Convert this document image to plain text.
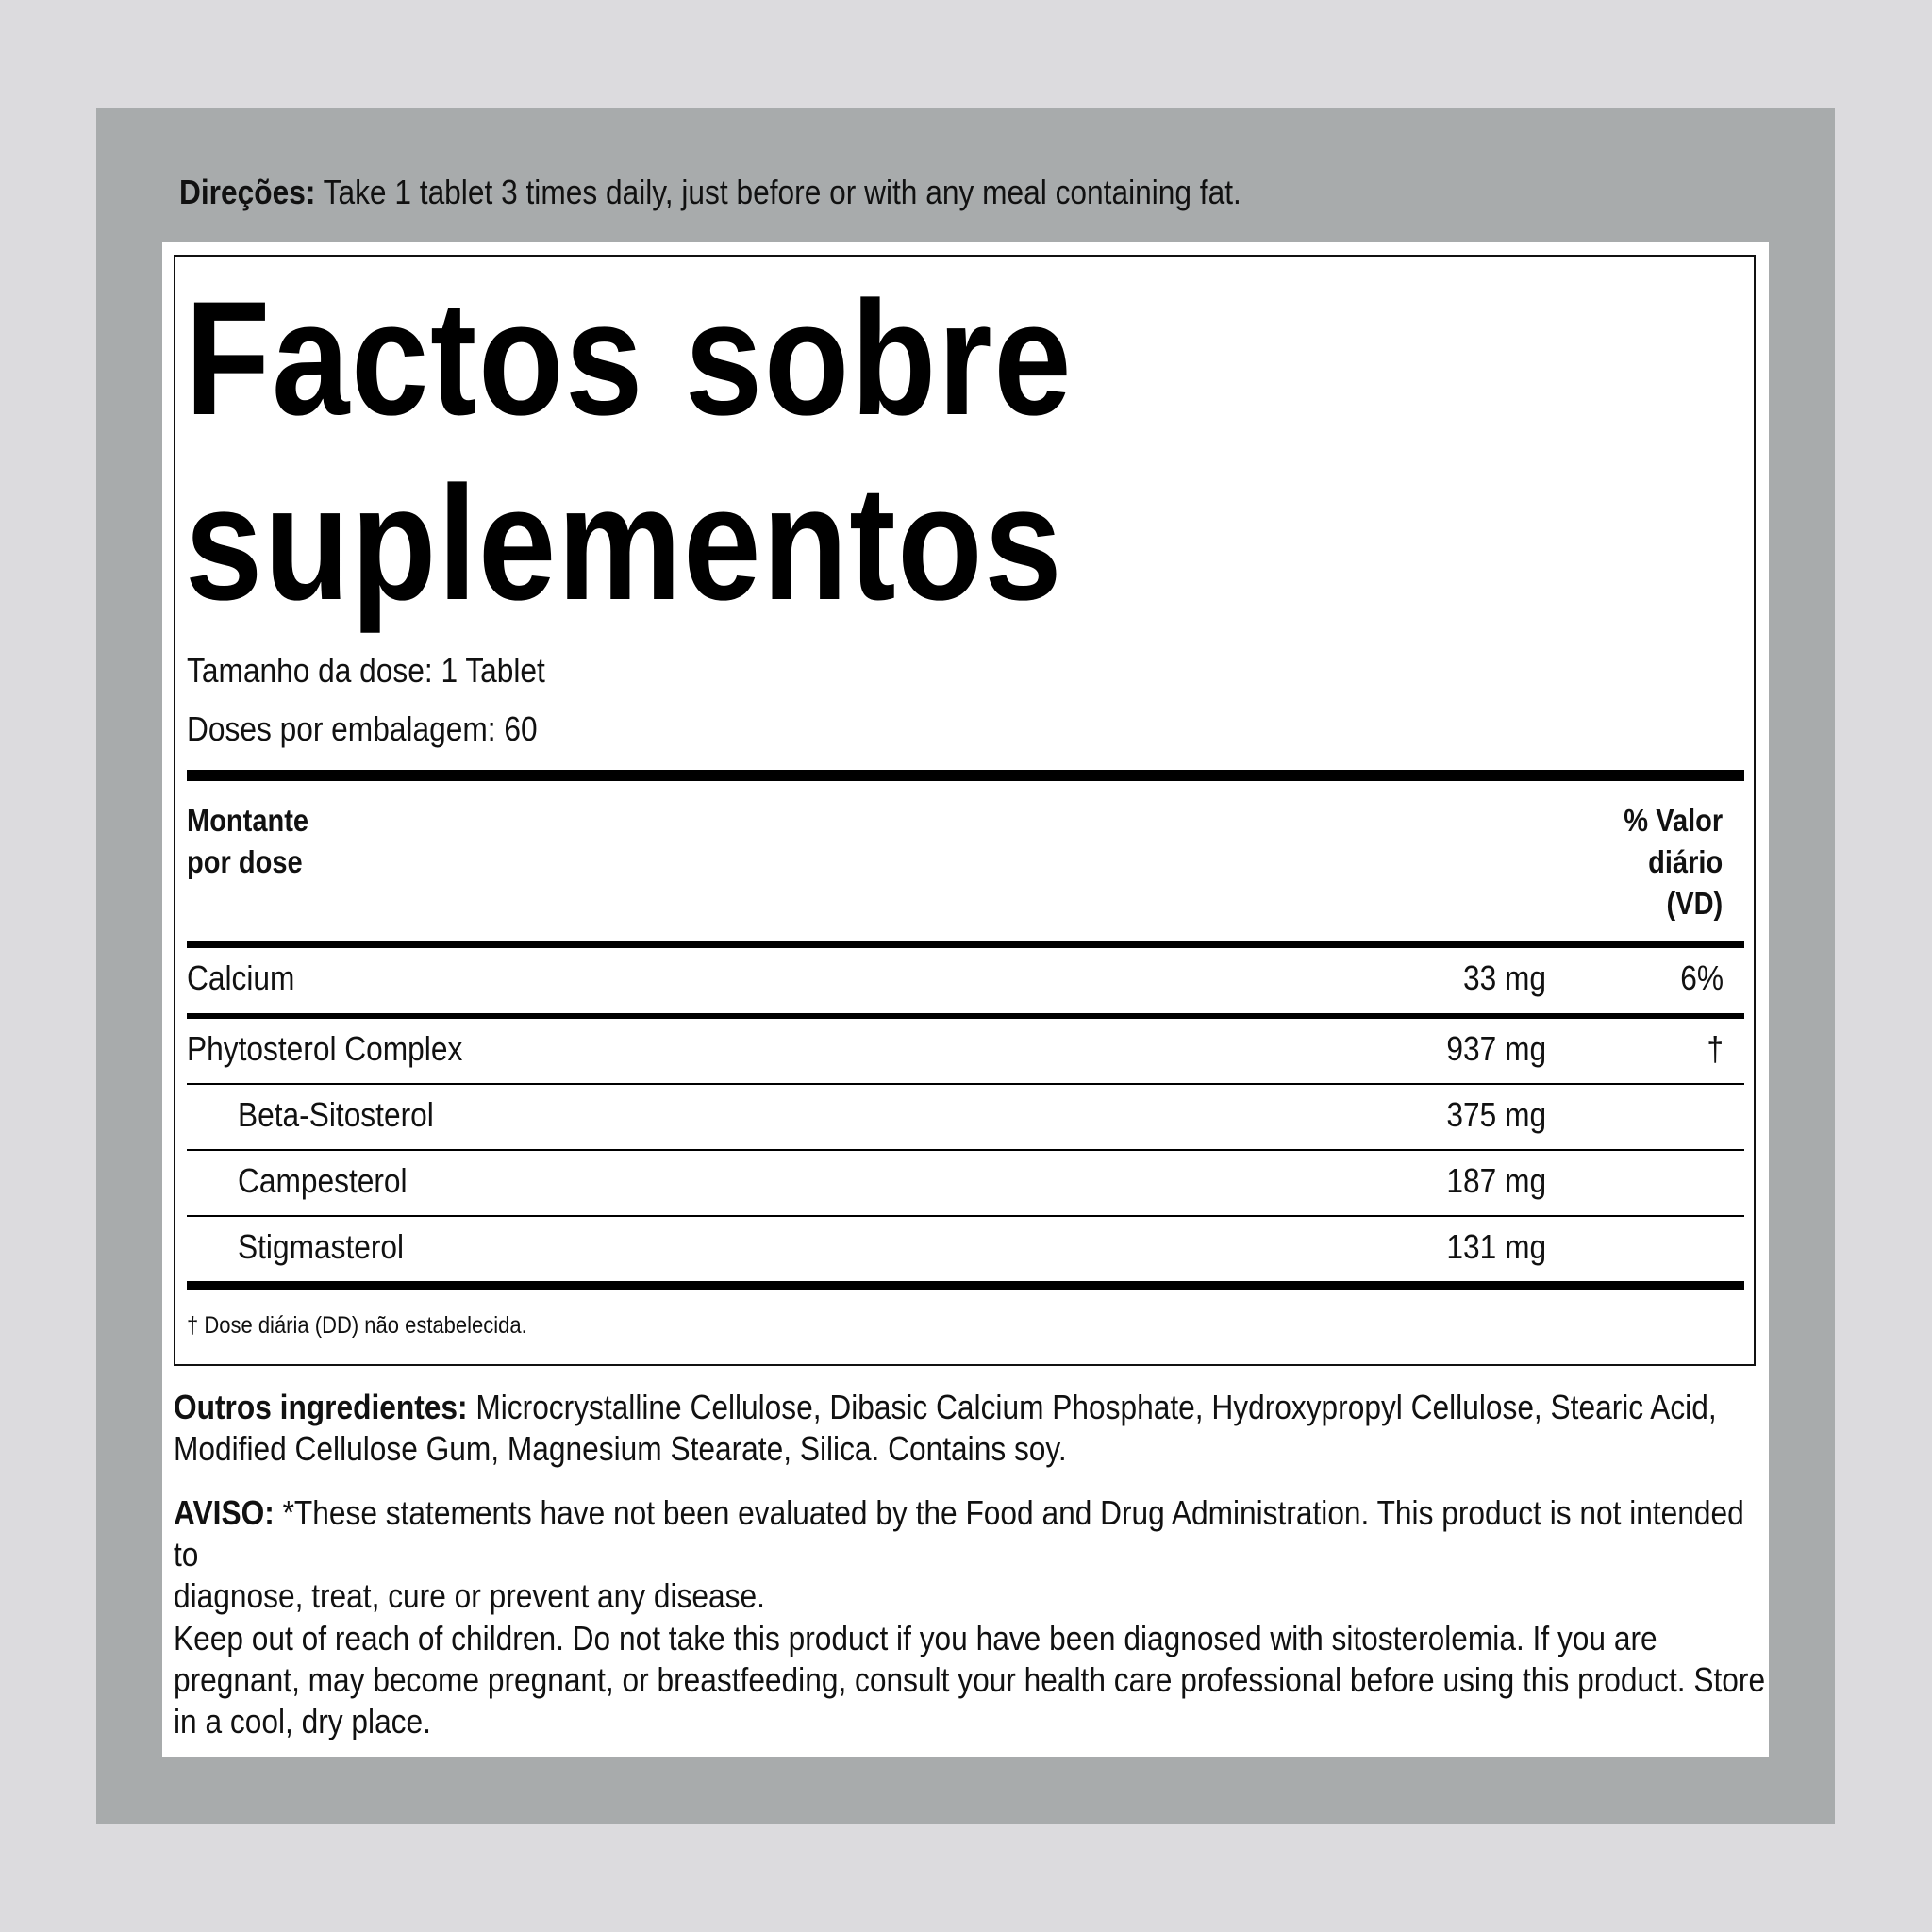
Direções: Take 1 tablet 3 times daily, just before or with any meal containing fat.
Factos sobre
suplementos
Tamanho da dose: 1 Tablet
Doses por embalagem: 60
Montante
por dose
% Valor
diário
(VD)
Calcium	33 mg	6%
Phytosterol Complex	937 mg	†
Beta-Sitosterol	375 mg
Campesterol	187 mg
Stigmasterol	131 mg
† Dose diária (DD) não estabelecida.
Outros ingredientes: Microcrystalline Cellulose, Dibasic Calcium Phosphate, Hydroxypropyl Cellulose, Stearic Acid,
Modified Cellulose Gum, Magnesium Stearate, Silica. Contains soy.
AVISO: *These statements have not been evaluated by the Food and Drug Administration. This product is not intended to
diagnose, treat, cure or prevent any disease.
Keep out of reach of children. Do not take this product if you have been diagnosed with sitosterolemia. If you are
pregnant, may become pregnant, or breastfeeding, consult your health care professional before using this product. Store
in a cool, dry place.
